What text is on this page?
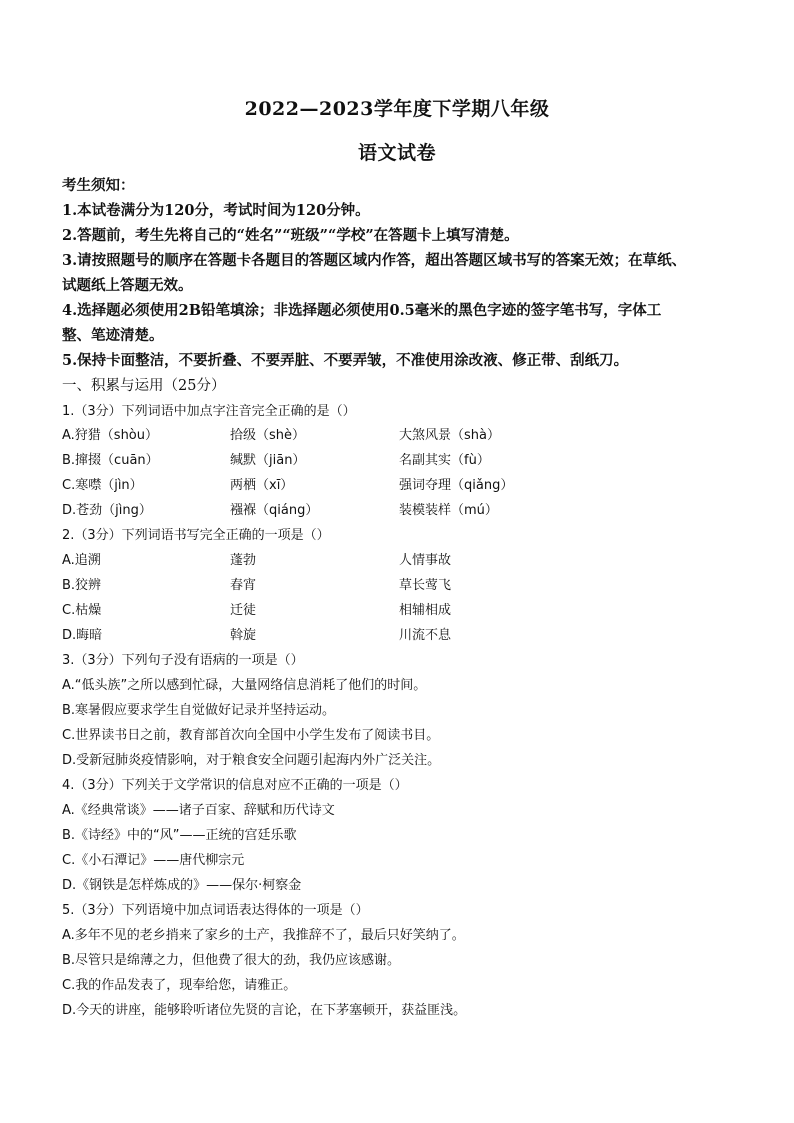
2022—2023学年度下学期八年级
语文试卷
考生须知：
1.本试卷满分为120分，考试时间为120分钟。
2.答题前，考生先将自己的“姓名”“班级”“学校”在答题卡上填写清楚。
3.请按照题号的顺序在答题卡各题目的答题区域内作答，超出答题区域书写的答案无效；在草纸、
试题纸上答题无效。
4.选择题必须使用2B铅笔填涂；非选择题必须使用0.5毫米的黑色字迹的签字笔书写，字体工
整、笔迹清楚。
5.保持卡面整洁，不要折叠、不要弄脏、不要弄皱，不准使用涂改液、修正带、刮纸刀。
一、积累与运用（25分）
1.（3分）下列词语中加点字注音完全正确的是（）
A.狩猎（shòu）	拾级（shè）	大煞风景（shà）
B.撺掇（cuān）	缄默（jiān）	名副其实（fù）
C.寒噤（jìn）	两栖（xī）	强词夺理（qiǎng）
D.苍劲（jìng）	襁褓（qiáng）	装模装样（mú）
2.（3分）下列词语书写完全正确的一项是（）
A.追溯	蓬勃	人情事故
B.狡辨	春宵	草长莺飞
C.枯燥	迁徒	相辅相成
D.晦暗	斡旋	川流不息
3.（3分）下列句子没有语病的一项是（）
A.“低头族”之所以感到忙碌，大量网络信息消耗了他们的时间。
B.寒暑假应要求学生自觉做好记录并坚持运动。
C.世界读书日之前，教育部首次向全国中小学生发布了阅读书目。
D.受新冠肺炎疫情影响，对于粮食安全问题引起海内外广泛关注。
4.（3分）下列关于文学常识的信息对应不正确的一项是（）
A.《经典常谈》——诸子百家、辞赋和历代诗文
B.《诗经》中的“风”——正统的宫廷乐歌
C.《小石潭记》——唐代柳宗元
D.《钢铁是怎样炼成的》——保尔·柯察金
5.（3分）下列语境中加点词语表达得体的一项是（）
A.多年不见的老乡捎来了家乡的土产，我推辞不了，最后只好笑纳了。
B.尽管只是绵薄之力，但他费了很大的劲，我仍应该感谢。
C.我的作品发表了，现奉给您，请雅正。
D.今天的讲座，能够聆听诸位先贤的言论，在下茅塞顿开，获益匪浅。
